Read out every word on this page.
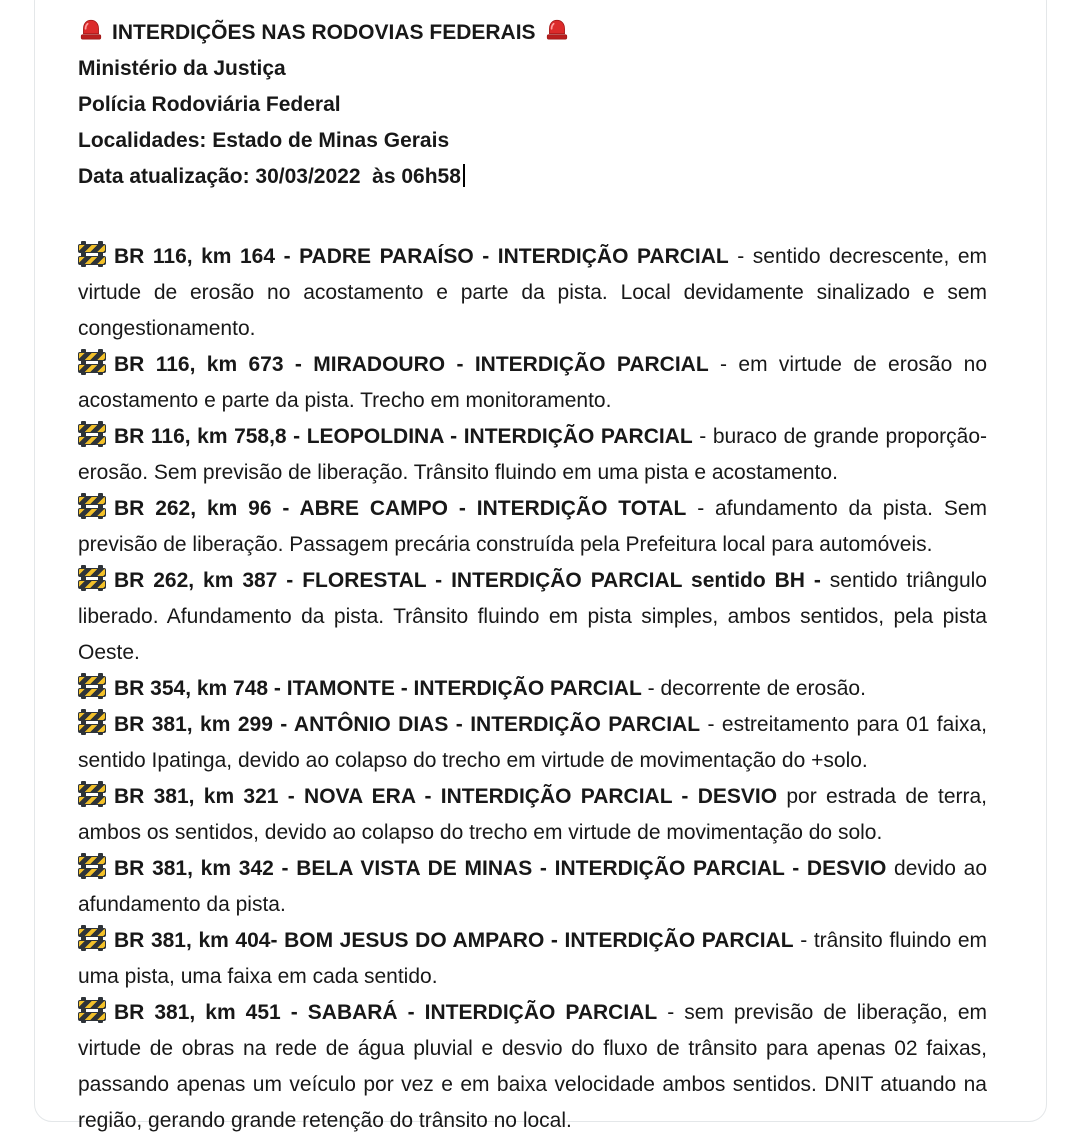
INTERDIÇÕES NAS RODOVIAS FEDERAIS
Ministério da Justiça
Polícia Rodoviária Federal
Localidades: Estado de Minas Gerais
Data atualização: 30/03/2022  às 06h58

BR 116, km 164 - PADRE PARAÍSO - INTERDIÇÃO PARCIAL - sentido decrescente, em virtude de erosão no acostamento e parte da pista. Local devidamente sinalizado e sem congestionamento.

BR 116, km 673 - MIRADOURO - INTERDIÇÃO PARCIAL - em virtude de erosão no acostamento e parte da pista. Trecho em monitoramento.

BR 116, km 758,8 - LEOPOLDINA - INTERDIÇÃO PARCIAL - buraco de grande proporção-erosão. Sem previsão de liberação. Trânsito fluindo em uma pista e acostamento.

BR 262, km 96 - ABRE CAMPO - INTERDIÇÃO TOTAL - afundamento da pista. Sem previsão de liberação. Passagem precária construída pela Prefeitura local para automóveis.

BR 262, km 387 - FLORESTAL - INTERDIÇÃO PARCIAL sentido BH - sentido triângulo liberado. Afundamento da pista. Trânsito fluindo em pista simples, ambos sentidos, pela pista Oeste.

BR 354, km 748 - ITAMONTE - INTERDIÇÃO PARCIAL - decorrente de erosão.

BR 381, km 299 - ANTÔNIO DIAS - INTERDIÇÃO PARCIAL - estreitamento para 01 faixa, sentido Ipatinga, devido ao colapso do trecho em virtude de movimentação do +solo.

BR 381, km 321 - NOVA ERA - INTERDIÇÃO PARCIAL - DESVIO por estrada de terra, ambos os sentidos, devido ao colapso do trecho em virtude de movimentação do solo.

BR 381, km 342 - BELA VISTA DE MINAS - INTERDIÇÃO PARCIAL - DESVIO devido ao afundamento da pista.

BR 381, km 404- BOM JESUS DO AMPARO - INTERDIÇÃO PARCIAL - trânsito fluindo em uma pista, uma faixa em cada sentido.

BR 381, km 451 - SABARÁ - INTERDIÇÃO PARCIAL - sem previsão de liberação, em virtude de obras na rede de água pluvial e desvio do fluxo de trânsito para apenas 02 faixas, passando apenas um veículo por vez e em baixa velocidade ambos sentidos. DNIT atuando na região, gerando grande retenção do trânsito no local.
